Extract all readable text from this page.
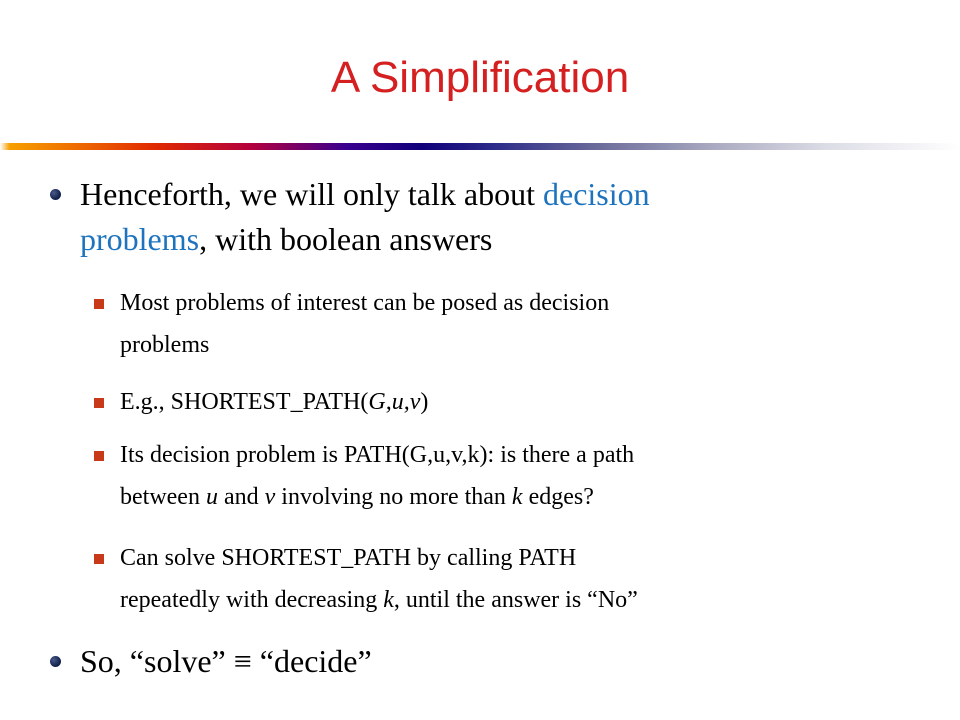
A Simplification
Henceforth, we will only talk about decision
problems, with boolean answers
Most problems of interest can be posed as decision
problems
E.g., SHORTEST_PATH(G,u,v)
Its decision problem is PATH(G,u,v,k): is there a path
between u and v involving no more than k edges?
Can solve SHORTEST_PATH by calling PATH
repeatedly with decreasing k, until the answer is “No”
So, “solve” ≡ “decide”
